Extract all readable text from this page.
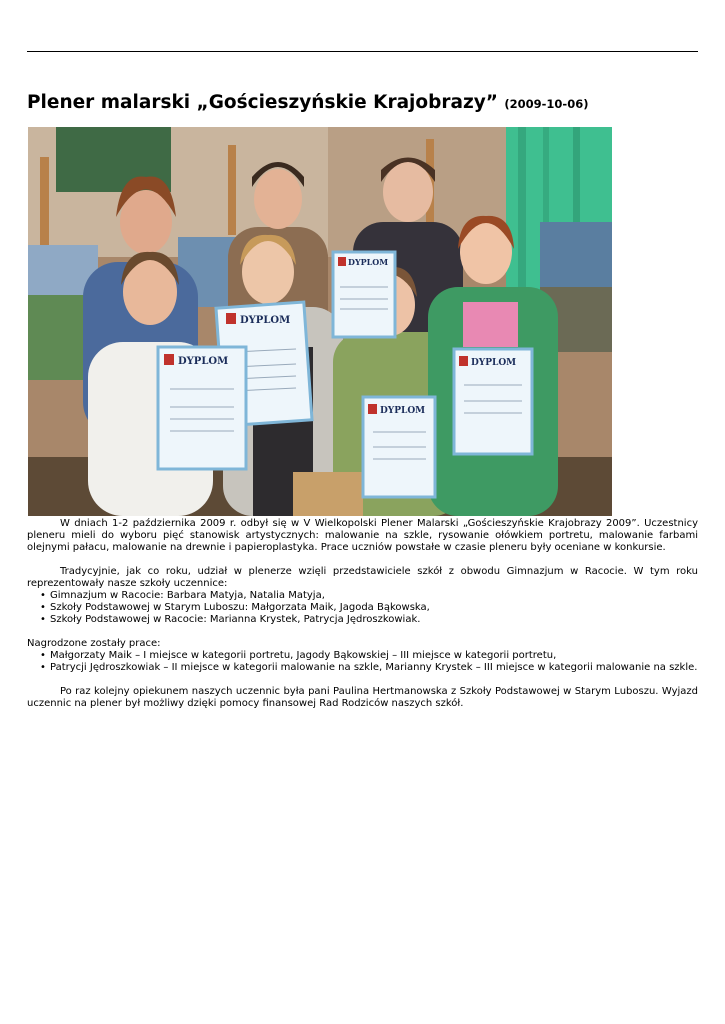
Plener malarski „Gościeszyńskie Krajobrazy” (2009-10-06)
DYPLOM
DYPLOM
DYPLOM
DYPLOM
DYPLOM

W dniach 1-2 października 2009 r. odbył się w V Wielkopolski Plener Malarski „Gościeszyńskie Krajobrazy 2009”. Uczestnicy pleneru mieli do wyboru pięć stanowisk artystycznych: malowanie na szkle, rysowanie ołówkiem portretu, malowanie farbami olejnymi pałacu, malowanie na drewnie i papieroplastyka. Prace uczniów powstałe w czasie pleneru były oceniane w konkursie.

Tradycyjnie, jak co roku, udział w plenerze wzięli przedstawiciele szkół z obwodu Gimnazjum w Racocie. W tym roku reprezentowały nasze szkoły uczennice:

• Gimnazjum w Racocie: Barbara Matyja, Natalia Matyja,
• Szkoły Podstawowej w Starym Luboszu: Małgorzata Maik, Jagoda Bąkowska,
• Szkoły Podstawowej w Racocie: Marianna Krystek, Patrycja Jędroszkowiak.

Nagrodzone zostały prace:

• Małgorzaty Maik – I miejsce w kategorii portretu, Jagody Bąkowskiej – III miejsce w kategorii portretu,
• Patrycji Jędroszkowiak – II miejsce w kategorii malowanie na szkle, Marianny Krystek – III miejsce w kategorii malowanie na szkle.

Po raz kolejny opiekunem naszych uczennic była pani Paulina Hertmanowska z Szkoły Podstawowej w Starym Luboszu. Wyjazd uczennic na plener był możliwy dzięki pomocy finansowej Rad Rodziców naszych szkół.
